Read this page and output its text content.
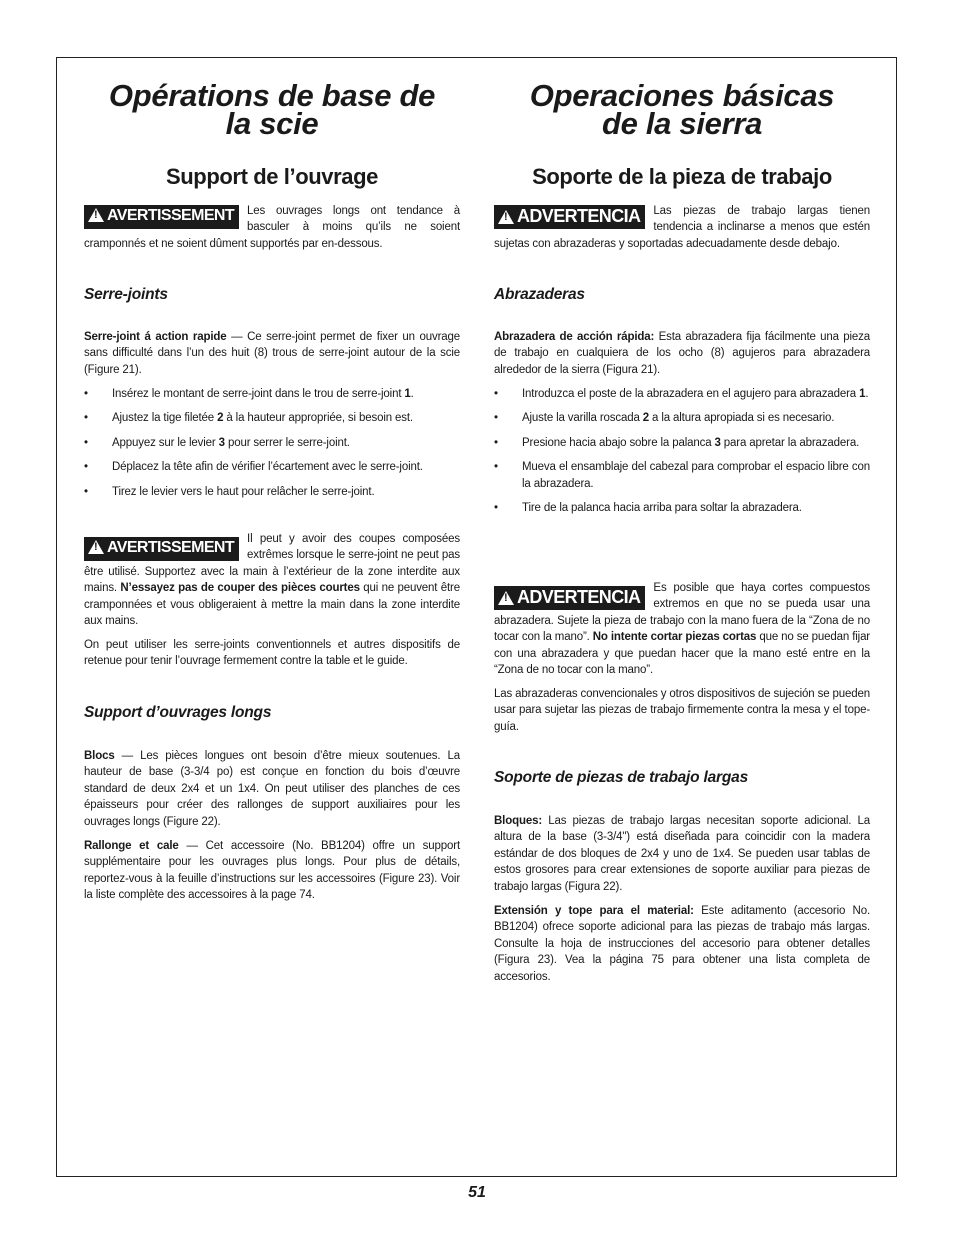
Opérations de base de
la scie
Support de l’ouvrage
!AVERTISSEMENT	Les ouvrages longs ont tendance à basculer à moins qu’ils ne soient cramponnés et ne soient dûment supportés par en-dessous.
Serre-joints
Serre-joint á action rapide — Ce serre-joint permet de fixer un ouvrage sans difficulté dans l’un des huit (8) trous de serre-joint autour de la scie (Figure 21).
• Insérez le montant de serre-joint dans le trou de serre-joint 1.
• Ajustez la tige filetée 2 à la hauteur appropriée, si besoin est.
• Appuyez sur le levier 3 pour serrer le serre-joint.
• Déplacez la tête afin de vérifier l’écartement avec le serre-joint.
• Tirez le levier vers le haut pour relâcher le serre-joint.
!AVERTISSEMENT	Il peut y avoir des coupes composées extrêmes lorsque le serre-joint ne peut pas être utilisé. Supportez avec la main à l’extérieur de la zone interdite aux mains. N’essayez pas de couper des pièces courtes qui ne peuvent être cramponnées et vous obligeraient à mettre la main dans la zone interdite aux mains.
On peut utiliser les serre-joints conventionnels et autres dispositifs de retenue pour tenir l’ouvrage fermement contre la table et le guide.
Support d’ouvrages longs
Blocs — Les pièces longues ont besoin d’être mieux soutenues. La hauteur de base (3-3/4 po) est conçue en fonction du bois d’œuvre standard de deux 2x4 et un 1x4. On peut utiliser des planches de ces épaisseurs pour créer des rallonges de support auxiliaires pour les ouvrages longs (Figure 22).
Rallonge et cale — Cet accessoire (No. BB1204) offre un support supplémentaire pour les ouvrages plus longs. Pour plus de détails, reportez-vous à la feuille d’instructions sur les accessoires (Figure 23). Voir la liste complète des accessoires à la page 74.
Operaciones básicas
de la sierra
Soporte de la pieza de trabajo
!ADVERTENCIA	Las piezas de trabajo largas tienen tendencia a inclinarse a menos que estén sujetas con abrazaderas y soportadas adecuadamente desde debajo.
Abrazaderas
Abrazadera de acción rápida: Esta abrazadera fija fácilmente una pieza de trabajo en cualquiera de los ocho (8) agujeros para abrazadera alrededor de la sierra (Figura 21).
• Introduzca el poste de la abrazadera en el agujero para abrazadera 1.
• Ajuste la varilla roscada 2 a la altura apropiada si es necesario.
• Presione hacia abajo sobre la palanca 3 para apretar la abrazadera.
• Mueva el ensamblaje del cabezal para comprobar el espacio libre con la abrazadera.
• Tire de la palanca hacia arriba para soltar la abrazadera.
!ADVERTENCIA	Es posible que haya cortes compuestos extremos en que no se pueda usar una abrazadera. Sujete la pieza de trabajo con la mano fuera de la “Zona de no tocar con la mano”. No intente cortar piezas cortas que no se puedan fijar con una abrazadera y que puedan hacer que la mano esté entre en la “Zona de no tocar con la mano”.
Las abrazaderas convencionales y otros dispositivos de sujeción se pueden usar para sujetar las piezas de trabajo firmemente contra la mesa y el tope-guía.
Soporte de piezas de trabajo largas
Bloques: Las piezas de trabajo largas necesitan soporte adicional. La altura de la base (3-3/4") está diseñada para coincidir con la madera estándar de dos bloques de 2x4 y uno de 1x4. Se pueden usar tablas de estos grosores para crear extensiones de soporte auxiliar para piezas de trabajo largas (Figura 22).
Extensión y tope para el material: Este aditamento (accesorio No. BB1204) ofrece soporte adicional para las piezas de trabajo más largas. Consulte la hoja de instrucciones del accesorio para obtener detalles (Figura 23). Vea la página 75 para obtener una lista completa de accesorios.
51
